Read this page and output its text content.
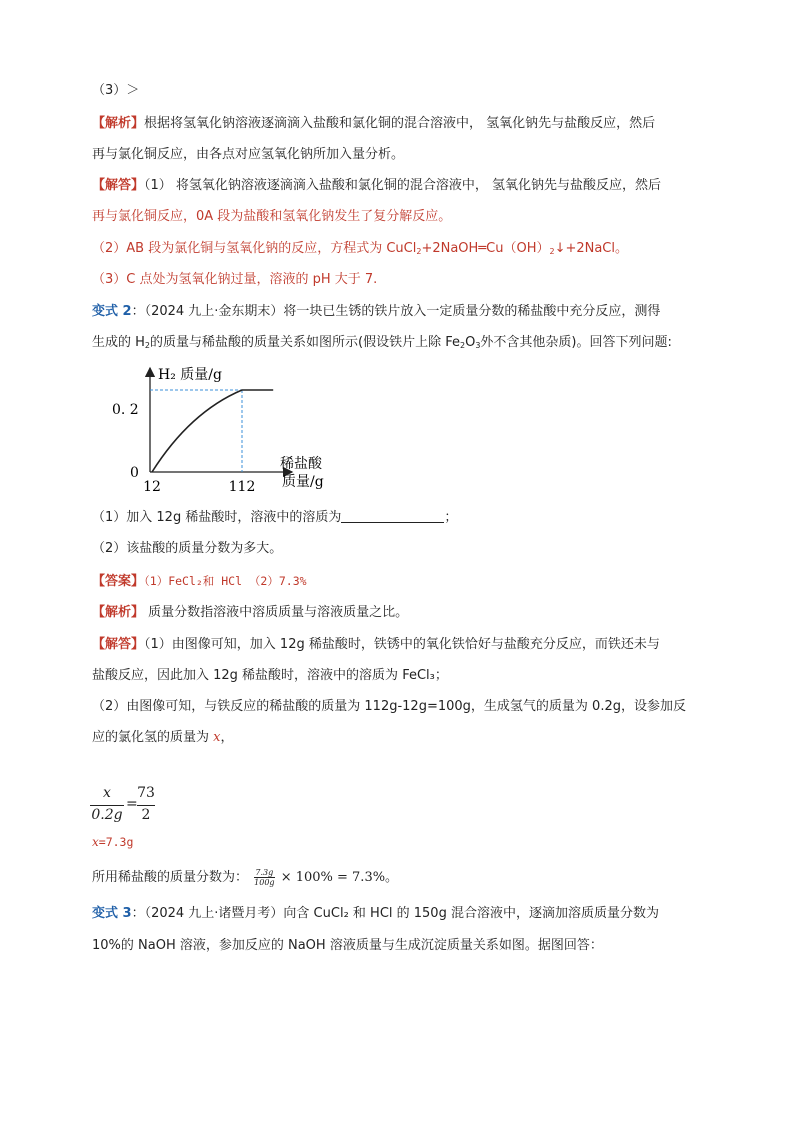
（3）＞
【解析】根据将氢氧化钠溶液逐滴滴入盐酸和氯化铜的混合溶液中， 氢氧化钠先与盐酸反应，然后
再与氯化铜反应，由各点对应氢氧化钠所加入量分析。
【解答】（1） 将氢氧化钠溶液逐滴滴入盐酸和氯化铜的混合溶液中， 氢氧化钠先与盐酸反应，然后
再与氯化铜反应，0A 段为盐酸和氢氧化钠发生了复分解反应。
（2）AB 段为氯化铜与氢氧化钠的反应，方程式为 $CuCl_2+2NaOH═Cu(OH)_2↓+2NaCl$。
（3）C 点处为氢氧化钠过量，溶液的 pH 大于 7.
变式 2：（2024 九上·金东期末）将一块已生锈的铁片放入一定质量分数的稀盐酸中充分反应，测得
生成的 $H_2$的质量与稀盐酸的质量关系如图所示(假设铁片上除 $Fe_2O_3$外不含其他杂质)。回答下列问题:
H₂ 质量/g
0. 2
0
12	112
稀盐酸
质量/g
（1）加入 12g 稀盐酸时，溶液中的溶质为	；
（2）该盐酸的质量分数为多大。
【答案】（1）FeCl₂和 HCl （2）7.3%
【解析】 质量分数指溶液中溶质质量与溶液质量之比。
【解答】（1）由图像可知，加入 12g 稀盐酸时，铁锈中的氧化铁恰好与盐酸充分反应，而铁还未与
盐酸反应，因此加入 12g 稀盐酸时，溶液中的溶质为 FeCl₃；
（2）由图像可知，与铁反应的稀盐酸的质量为 112g-12g=100g，生成氢气的质量为 0.2g，设参加反
应的氯化氢的质量为 x，
x
0.2g
=
73
2
x=7.3g
所用稀盐酸的质量分数为： $\frac{7.3g}{100g} \times 100\% = 7.3\%$。
变式 3：（2024 九上·诸暨月考）向含 CuCl₂ 和 HCl 的 150g 混合溶液中，逐滴加溶质质量分数为
10%的 NaOH 溶液，参加反应的 NaOH 溶液质量与生成沉淀质量关系如图。据图回答：
